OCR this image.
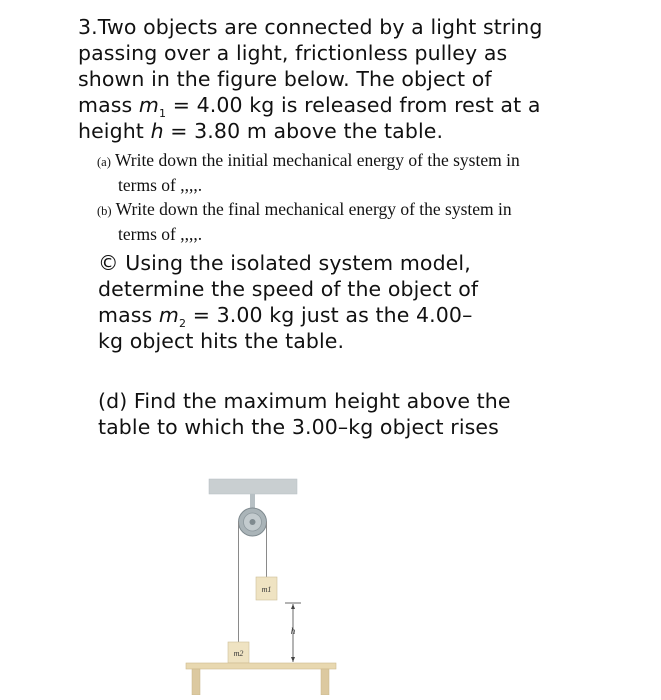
3.Two objects are connected by a light string
passing over a light, frictionless pulley as
shown in the figure below. The object of
mass $m_1 = 4.00$ kg is released from rest at a
height h = 3.80 m above the table.
(a) Write down the initial mechanical energy of the system in
terms of ,,,,.
(b) Write down the final mechanical energy of the system in
terms of ,,,,.
© Using the isolated system model,
determine the speed of the object of
mass $m_2 = 3.00$ kg just as the 4.00–
kg object hits the table.
(d) Find the maximum height above the
table to which the 3.00–kg object rises
m1
m2
h
